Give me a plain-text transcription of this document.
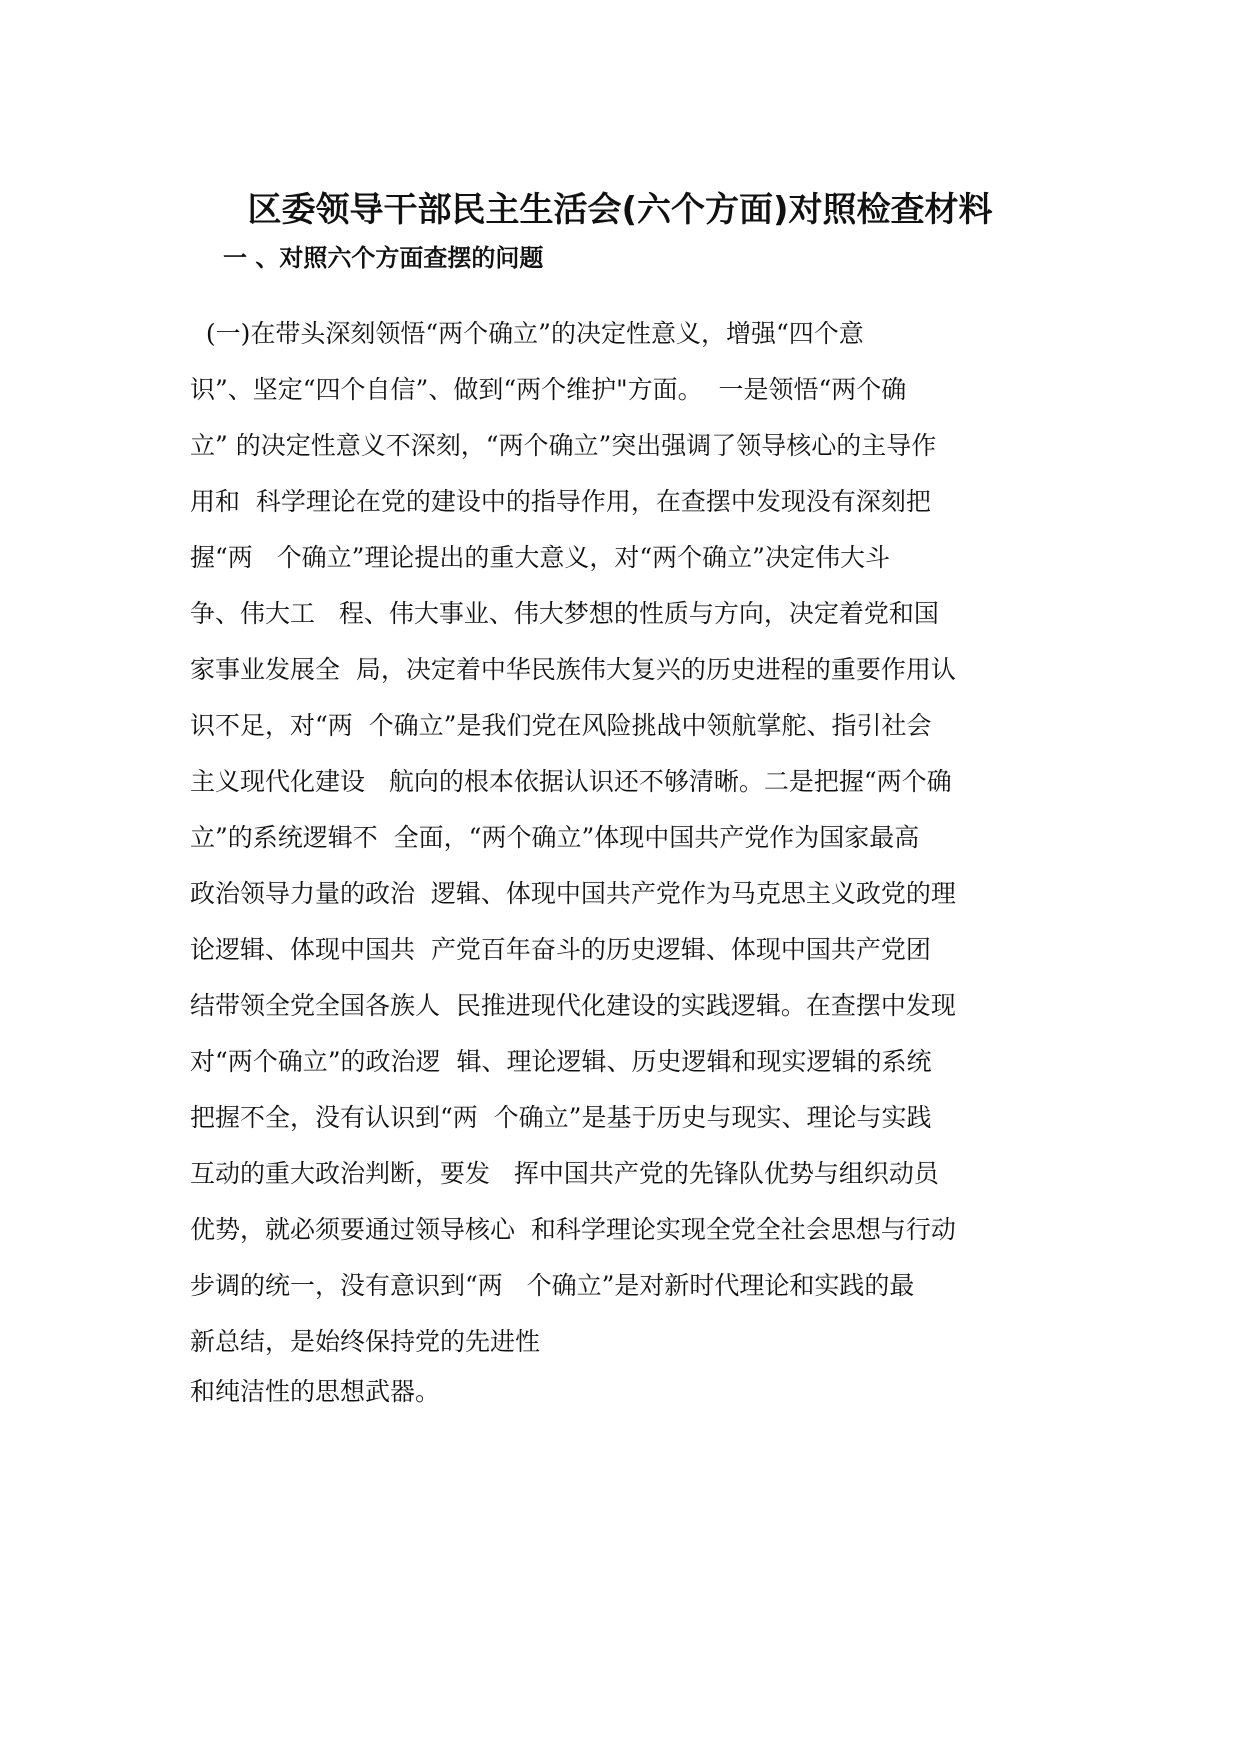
区委领导干部民主生活会(六个方面)对照检查材料
一 、对照六个方面查摆的问题

(一)在带头深刻领悟“两个确立”的决定性意义，增强“四个意

识”、坚定“四个自信”、做到“两个维护"方面。  一是领悟“两个确

立” 的决定性意义不深刻，“两个确立”突出强调了领导核心的主导作

用和  科学理论在党的建设中的指导作用，在查摆中发现没有深刻把

握“两   个确立”理论提出的重大意义，对“两个确立”决定伟大斗

争、伟大工   程、伟大事业、伟大梦想的性质与方向，决定着党和国

家事业发展全  局，决定着中华民族伟大复兴的历史进程的重要作用认

识不足，对“两  个确立”是我们党在风险挑战中领航掌舵、指引社会

主义现代化建设   航向的根本依据认识还不够清晰。二是把握“两个确

立”的系统逻辑不  全面，“两个确立”体现中国共产党作为国家最高

政治领导力量的政治  逻辑、体现中国共产党作为马克思主义政党的理

论逻辑、体现中国共  产党百年奋斗的历史逻辑、体现中国共产党团

结带领全党全国各族人  民推进现代化建设的实践逻辑。在查摆中发现

对“两个确立”的政治逻  辑、理论逻辑、历史逻辑和现实逻辑的系统

把握不全，没有认识到“两  个确立”是基于历史与现实、理论与实践

互动的重大政治判断，要发   挥中国共产党的先锋队优势与组织动员

优势，就必须要通过领导核心  和科学理论实现全党全社会思想与行动

步调的统一，没有意识到“两   个确立”是对新时代理论和实践的最

新总结，是始终保持党的先进性

和纯洁性的思想武器。
